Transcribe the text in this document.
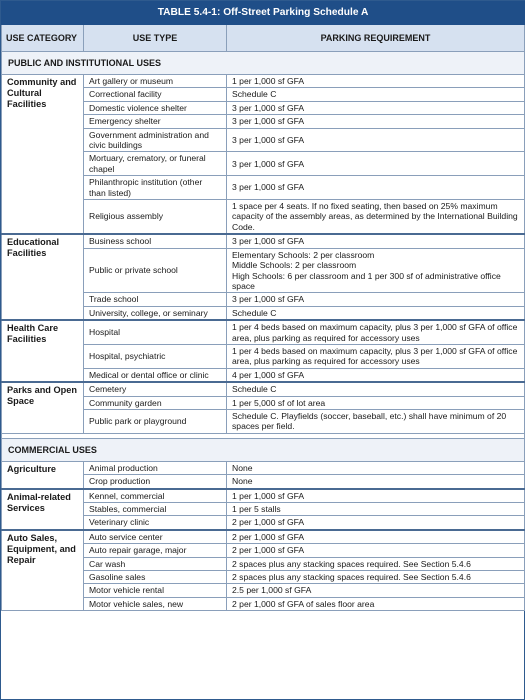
TABLE 5.4-1: Off-Street Parking Schedule A		
USE CATEGORY	USE TYPE	PARKING REQUIREMENT
PUBLIC AND INSTITUTIONAL USES		
Community and Cultural Facilities	Art gallery or museum	1 per 1,000 sf GFA
	Correctional facility	Schedule C
	Domestic violence shelter	3 per 1,000 sf GFA
	Emergency shelter	3 per 1,000 sf GFA
	Government administration and civic buildings	3 per 1,000 sf GFA
	Mortuary, crematory, or funeral chapel	3 per 1,000 sf GFA
	Philanthropic institution (other than listed)	3 per 1,000 sf GFA
	Religious assembly	1 space per 4 seats. If no fixed seating, then based on 25% maximum capacity of the assembly areas, as determined by the International Building Code.
Educational Facilities	Business school	3 per 1,000 sf GFA
	Public or private school	Elementary Schools: 2 per classroom
Middle Schools: 2 per classroom
High Schools: 6 per classroom and 1 per 300 sf of administrative office space

	Trade school	3 per 1,000 sf GFA
	University, college, or seminary	Schedule C
Health Care Facilities	Hospital	1 per 4 beds based on maximum capacity, plus 3 per 1,000 sf GFA of office area, plus parking as required for accessory uses
	Hospital, psychiatric	1 per 4 beds based on maximum capacity, plus 3 per 1,000 sf GFA of office area, plus parking as required for accessory uses
	Medical or dental office or clinic	4 per 1,000 sf GFA
Parks and Open Space	Cemetery	Schedule C
	Community garden	1 per 5,000 sf of lot area
	Public park or playground	Schedule C. Playfields (soccer, baseball, etc.) shall have minimum of 20 spaces per field.

COMMERCIAL USES		
Agriculture	Animal production	None
	Crop production	None
Animal-related Services	Kennel, commercial	1 per 1,000 sf GFA
	Stables, commercial	1 per 5 stalls
	Veterinary clinic	2 per 1,000 sf GFA
Auto Sales, Equipment, and Repair	Auto service center	2 per 1,000 sf GFA
	Auto repair garage, major	2 per 1,000 sf GFA
	Car wash	2 spaces plus any stacking spaces required. See Section 5.4.6
	Gasoline sales	2 spaces plus any stacking spaces required. See Section 5.4.6
	Motor vehicle rental	2.5 per 1,000 sf GFA
	Motor vehicle sales, new	2 per 1,000 sf GFA of sales floor area
